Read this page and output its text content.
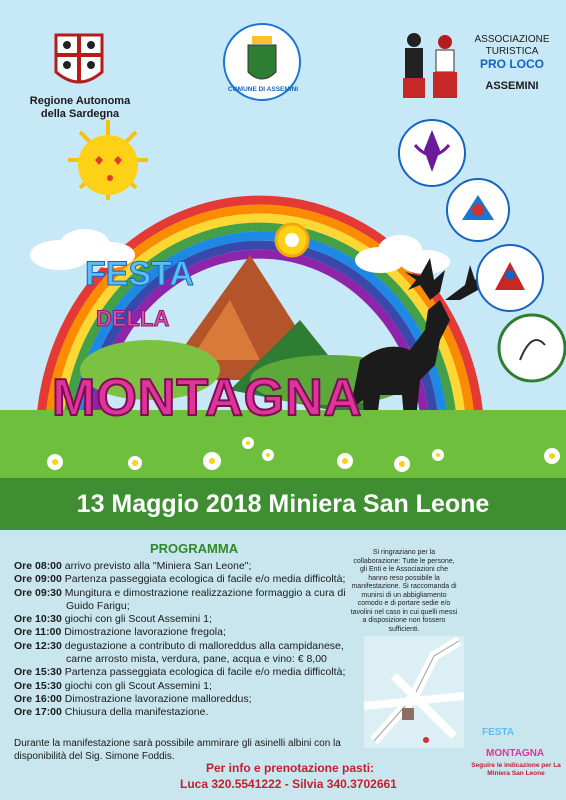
Regione Autonoma
della Sardegna
COMUNE DI ASSEMINI
ASSOCIAZIONE
TURISTICA
PRO LOCO
ASSEMINI
FESTA
DELLA
MONTAGNA
13 Maggio 2018 Miniera San Leone
PROGRAMMA
Ore 08:00 arrivo previsto alla "Miniera San Leone";
Ore 09:00 Partenza passeggiata ecologica di facile e/o media difficoltà;
Ore 09:30 Mungitura e dimostrazione realizzazione formaggio a cura di
Guido Farigu;
Ore 10:30 giochi con gli Scout Assemini 1;
Ore 11:00 Dimostrazione lavorazione fregola;
Ore 12:30 degustazione a contributo di malloreddus alla campidanese,
carne arrosto mista, verdura, pane, acqua e vino: € 8,00
Ore 15:30 Partenza passeggiata ecologica di facile e/o media difficoltà;
Ore 15:30 giochi con gli Scout Assemini 1;
Ore 16:00 Dimostrazione lavorazione malloreddus;
Ore 17:00 Chiusura della manifestazione.
Durante la manifestazione sarà possibile ammirare gli asinelli albini con la disponibilità del Sig. Simone Foddis.
Per info e prenotazione pasti:
Luca 320.5541222 - Silvia 340.3702661
Si ringraziano per la collaborazione: Tutte le persone, gli Enti e le Associazioni che hanno reso possibile la manifestazione. Si raccomanda di munirsi di un abbigliamento comodo e di portare sedie e/o tavolini nel caso in cui quelli messi a disposizione non fossero sufficienti.
FESTA
MONTAGNA
Seguire le indicazione per La Miniera San Leone
